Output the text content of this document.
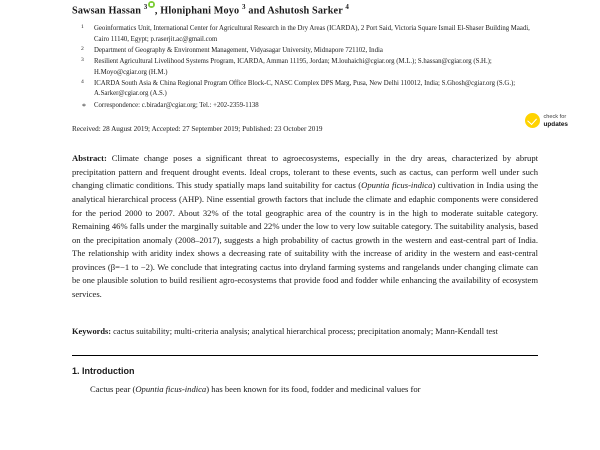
Sawsan Hassan $^3$ , Hloniphani Moyo $^3$ and Ashutosh Sarker $^4$

1 Geoinformatics Unit, International Center for Agricultural Research in the Dry Areas (ICARDA), 2 Port Said, Victoria Square Ismail El-Shaser Building Maadi, Cairo 11140, Egypt; p.raserjit.ac@gmail.com
2 Department of Geography & Environment Management, Vidyasagar University, Midnapore 721102, India
3 Resilient Agricultural Livelihood Systems Program, ICARDA, Amman 11195, Jordan; M.louhaichi@cgiar.org (M.L.); S.hassan@cgiar.org (S.H.); H.Moyo@cgiar.org (H.M.)
4 ICARDA South Asia & China Regional Program Office Block-C, NASC Complex DPS Marg, Pusa, New Delhi 110012, India; S.Ghosh@cgiar.org (S.G.); A.Sarker@cgiar.org (A.S.)
* Correspondence: c.biradar@cgiar.org; Tel.: +202-2359-1138

Received: 28 August 2019; Accepted: 27 September 2019; Published: 23 October 2019

Abstract: Climate change poses a significant threat to agroecosystems, especially in the dry areas, characterized by abrupt precipitation pattern and frequent drought events. Ideal crops, tolerant to these events, such as cactus, can perform well under such changing climatic conditions. This study spatially maps land suitability for cactus (Opuntia ficus-indica) cultivation in India using the analytical hierarchical process (AHP). Nine essential growth factors that include the climate and edaphic components were considered for the period 2000 to 2007. About 32% of the total geographic area of the country is in the high to moderate suitable category. Remaining 46% falls under the marginally suitable and 22% under the low to very low suitable category. The suitability analysis, based on the precipitation anomaly (2008–2017), suggests a high probability of cactus growth in the western and east-central part of India. The relationship with aridity index shows a decreasing rate of suitability with the increase of aridity in the western and east-central provinces (β=−1 to −2). We conclude that integrating cactus into dryland farming systems and rangelands under changing climate can be one plausible solution to build resilient agro-ecosystems that provide food and fodder while enhancing the availability of ecosystem services.
Keywords: cactus suitability; multi-criteria analysis; analytical hierarchical process; precipitation anomaly; Mann-Kendall test
1. Introduction
Cactus pear (Opuntia ficus-indica) has been known for its food, fodder and medicinal values for
check for
updates
